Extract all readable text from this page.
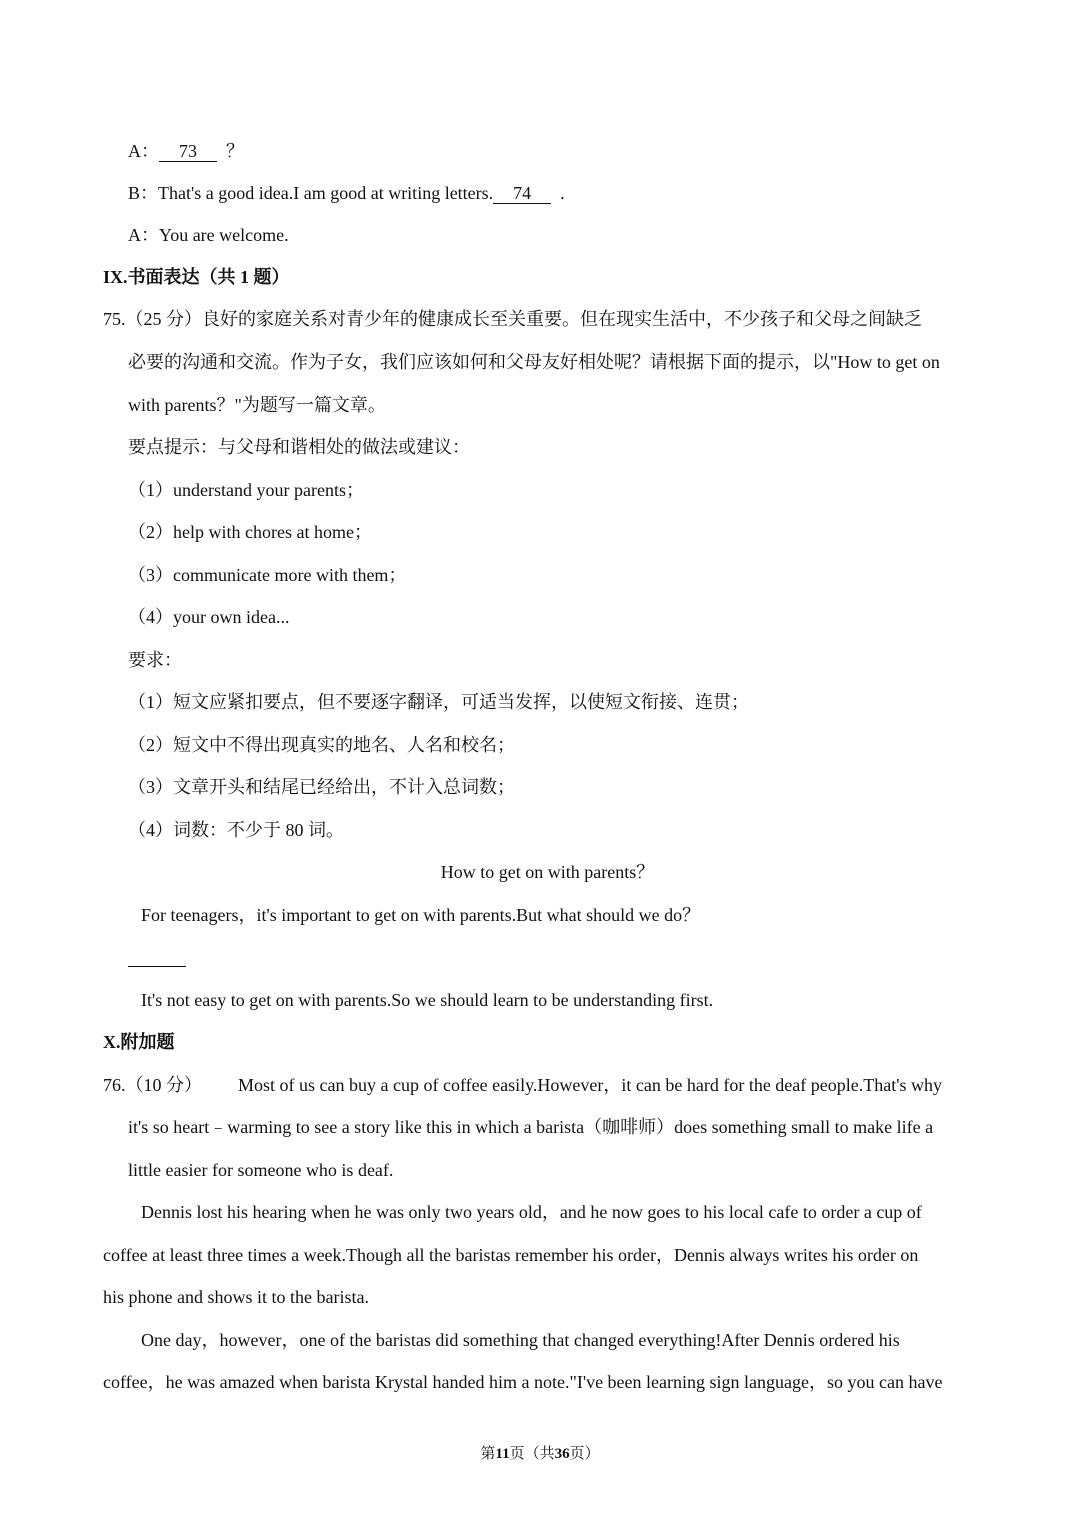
A： 73 ？
B：That's a good idea.I am good at writing letters. 74 .
A：You are welcome.
IX.书面表达（共 1 题）
75.（25 分）良好的家庭关系对青少年的健康成长至关重要。但在现实生活中，不少孩子和父母之间缺乏
必要的沟通和交流。作为子女，我们应该如何和父母友好相处呢？请根据下面的提示，以"How to get on
with parents？"为题写一篇文章。
要点提示：与父母和谐相处的做法或建议：
（1）understand your parents；
（2）help with chores at home；
（3）communicate more with them；
（4）your own idea...
要求：
（1）短文应紧扣要点，但不要逐字翻译，可适当发挥，以使短文衔接、连贯；
（2）短文中不得出现真实的地名、人名和校名；
（3）文章开头和结尾已经给出，不计入总词数；
（4）词数：不少于 80 词。
How to get on with parents？
For teenagers，it's important to get on with parents.But what should we do？
It's not easy to get on with parents.So we should learn to be understanding first.
X.附加题
76.（10 分） Most of us can buy a cup of coffee easily.However，it can be hard for the deaf people.That's why
it's so heart﹣warming to see a story like this in which a barista（咖啡师）does something small to make life a
little easier for someone who is deaf.
Dennis lost his hearing when he was only two years old，and he now goes to his local cafe to order a cup of
coffee at least three times a week.Though all the baristas remember his order，Dennis always writes his order on
his phone and shows it to the barista.
One day，however，one of the baristas did something that changed everything!After Dennis ordered his
coffee，he was amazed when barista Krystal handed him a note."I've been learning sign language，so you can have
第11页（共36页）
